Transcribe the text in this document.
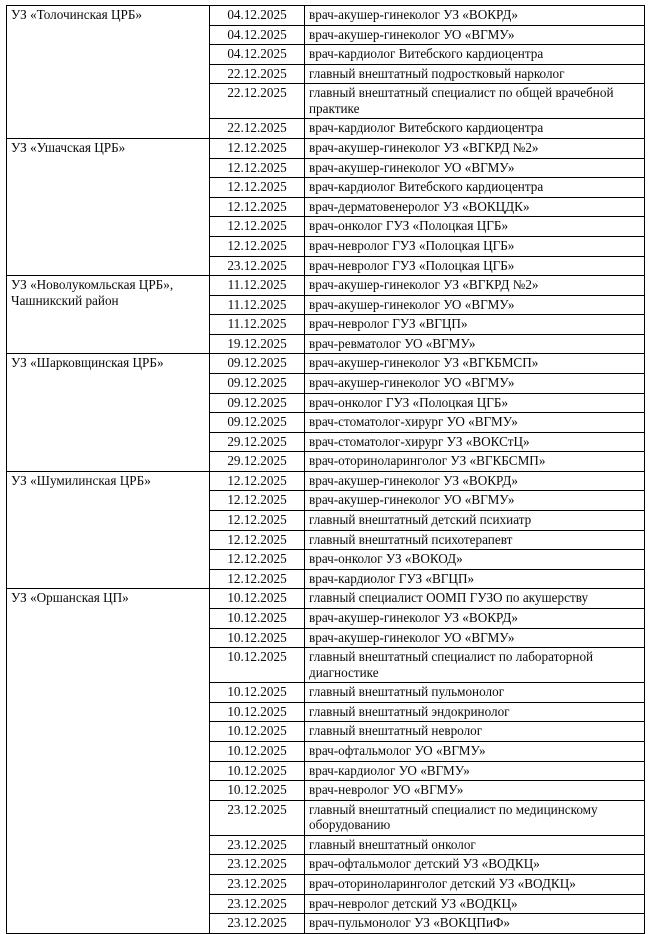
УЗ «Толочинская ЦРБ»	04.12.2025	врач-акушер-гинеколог УЗ «ВОКРД»
	04.12.2025	врач-акушер-гинеколог УО «ВГМУ»
	04.12.2025	врач-кардиолог Витебского кардиоцентра
	22.12.2025	главный внештатный подростковый нарколог
	22.12.2025	главный внештатный специалист по общей врачебной практике
	22.12.2025	врач-кардиолог Витебского кардиоцентра
УЗ «Ушачская ЦРБ»	12.12.2025	врач-акушер-гинеколог УЗ «ВГКРД №2»
	12.12.2025	врач-акушер-гинеколог УО «ВГМУ»
	12.12.2025	врач-кардиолог Витебского кардиоцентра
	12.12.2025	врач-дерматовенеролог УЗ «ВОКЦДК»
	12.12.2025	врач-онколог ГУЗ «Полоцкая ЦГБ»
	12.12.2025	врач-невролог ГУЗ «Полоцкая ЦГБ»
	23.12.2025	врач-невролог ГУЗ «Полоцкая ЦГБ»
УЗ «Новолукомльская ЦРБ», Чашникский район	11.12.2025	врач-акушер-гинеколог УЗ «ВГКРД №2»
	11.12.2025	врач-акушер-гинеколог УО «ВГМУ»
	11.12.2025	врач-невролог ГУЗ «ВГЦП»
	19.12.2025	врач-ревматолог УО «ВГМУ»
УЗ «Шарковщинская ЦРБ»	09.12.2025	врач-акушер-гинеколог УЗ «ВГКБМСП»
	09.12.2025	врач-акушер-гинеколог УО «ВГМУ»
	09.12.2025	врач-онколог ГУЗ «Полоцкая ЦГБ»
	09.12.2025	врач-стоматолог-хирург УО «ВГМУ»
	29.12.2025	врач-стоматолог-хирург УЗ «ВОКСтЦ»
	29.12.2025	врач-оториноларинголог УЗ «ВГКБСМП»
УЗ «Шумилинская ЦРБ»	12.12.2025	врач-акушер-гинеколог УЗ «ВОКРД»
	12.12.2025	врач-акушер-гинеколог УО «ВГМУ»
	12.12.2025	главный внештатный детский психиатр
	12.12.2025	главный внештатный психотерапевт
	12.12.2025	врач-онколог УЗ «ВОКОД»
	12.12.2025	врач-кардиолог ГУЗ «ВГЦП»
УЗ «Оршанская ЦП»	10.12.2025	главный специалист ООМП ГУЗО по акушерству
	10.12.2025	врач-акушер-гинеколог УЗ «ВОКРД»
	10.12.2025	врач-акушер-гинеколог УО «ВГМУ»
	10.12.2025	главный внештатный специалист по лабораторной диагностике
	10.12.2025	главный внештатный пульмонолог
	10.12.2025	главный внештатный эндокринолог
	10.12.2025	главный внештатный невролог
	10.12.2025	врач-офтальмолог УО «ВГМУ»
	10.12.2025	врач-кардиолог УО «ВГМУ»
	10.12.2025	врач-невролог УО «ВГМУ»
	23.12.2025	главный внештатный специалист по медицинскому оборудованию
	23.12.2025	главный внештатный онколог
	23.12.2025	врач-офтальмолог детский УЗ «ВОДКЦ»
	23.12.2025	врач-оториноларинголог детский УЗ «ВОДКЦ»
	23.12.2025	врач-невролог детский УЗ «ВОДКЦ»
	23.12.2025	врач-пульмонолог УЗ «ВОКЦПиФ»
